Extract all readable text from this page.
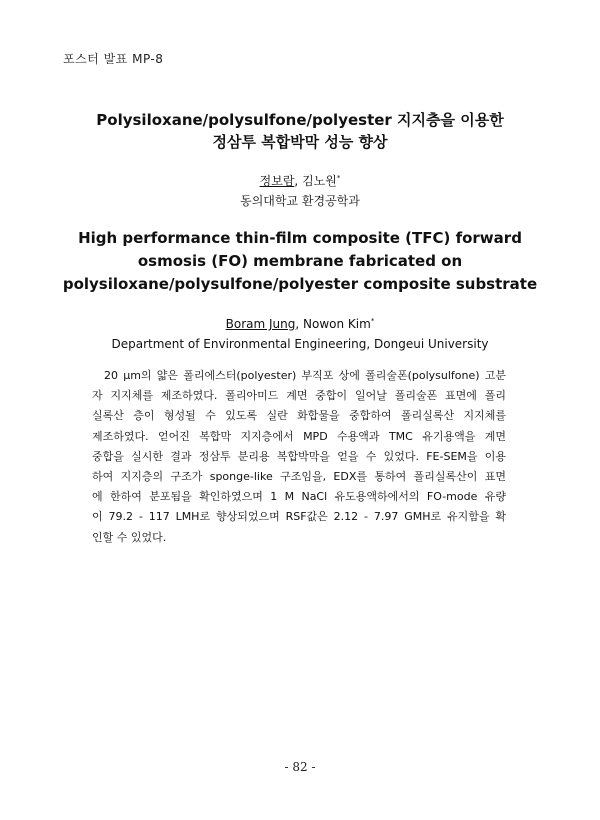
포스터 발표 MP-8
Polysiloxane/polysulfone/polyester 지지층을 이용한
정삼투 복합박막 성능 향상
정보람, 김노원*
동의대학교 환경공학과
High performance thin-film composite (TFC) forward
osmosis (FO) membrane fabricated on
polysiloxane/polysulfone/polyester composite substrate
Boram Jung, Nowon Kim*
Department of Environmental Engineering, Dongeui University
20 μm의 얇은 폴리에스터(polyester) 부직포 상에 폴리술폰(polysulfone) 고분
자 지지체를 제조하였다. 폴리아미드 계면 중합이 일어날 폴리술폰 표면에 폴리
실록산 층이 형성될 수 있도록 실란 화합물을 중합하여 폴리실록산 지지체를
제조하였다. 얻어진 복합막 지지층에서 MPD 수용액과 TMC 유기용액을 계면
중합을 실시한 결과 정삼투 분리용 복합박막을 얻을 수 있었다. FE-SEM을 이용
하여 지지층의 구조가 sponge-like 구조임을, EDX를 통하여 폴리실록산이 표면
에 한하여 분포됨을 확인하였으며 1 M NaCl 유도용액하에서의 FO-mode 유량
이 79.2 - 117 LMH로 향상되었으며 RSF값은 2.12 - 7.97 GMH로 유지함을 확
인할 수 있었다.
- 82 -
